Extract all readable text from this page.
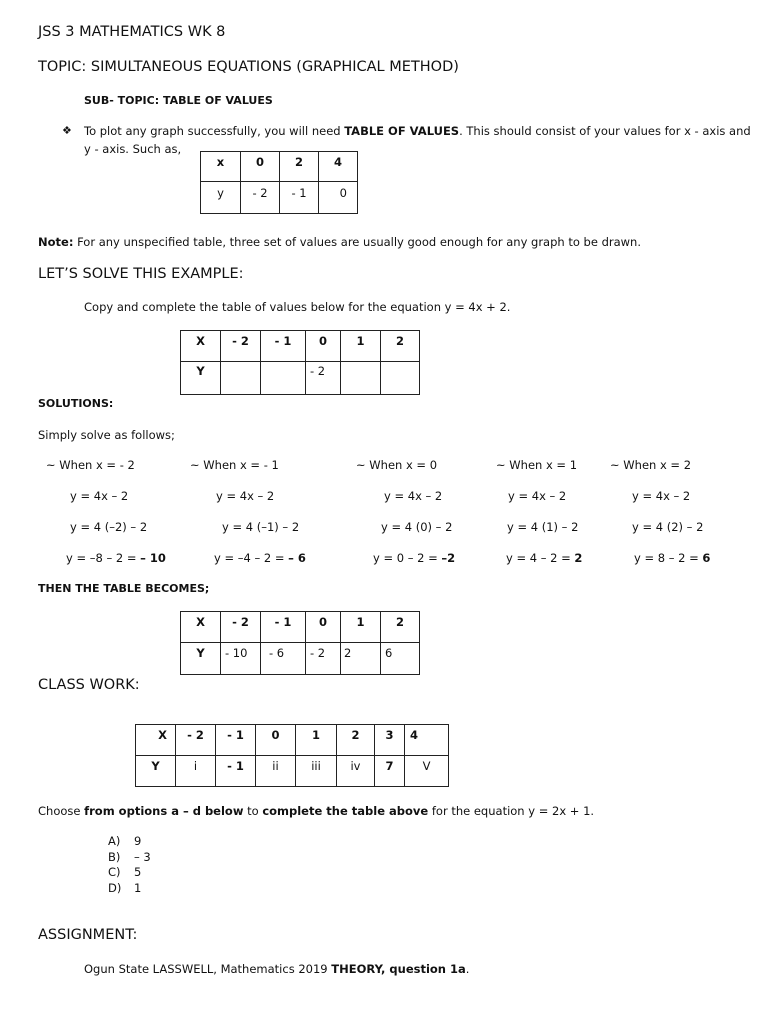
JSS 3 MATHEMATICS WK 8
TOPIC: SIMULTANEOUS EQUATIONS (GRAPHICAL METHOD)
SUB- TOPIC: TABLE OF VALUES
❖ To plot any graph successfully, you will need TABLE OF VALUES. This should consist of your values for x - axis and
y - axis. Such as,
x	0	2	4
y	- 2	- 1	0
Note: For any unspecified table, three set of values are usually good enough for any graph to be drawn.
LET’S SOLVE THIS EXAMPLE:
Copy and complete the table of values below for the equation y = 4x + 2.
X	- 2	- 1	0	1	2
Y			- 2		
SOLUTIONS:
Simply solve as follows;
~ When x = - 2	~ When x = - 1	~ When x = 0	~ When x = 1	~ When x = 2
y = 4x – 2	y = 4x – 2	y = 4x – 2	y = 4x – 2	y = 4x – 2
y = 4 (–2) – 2	y = 4 (–1) – 2	y = 4 (0) – 2	y = 4 (1) – 2	y = 4 (2) – 2
y = –8 – 2 = – 10	y = –4 – 2 = – 6	y = 0 – 2 = –2	y = 4 – 2 = 2	y = 8 – 2 = 6
THEN THE TABLE BECOMES;
X	- 2	- 1	0	1	2
Y	- 10	- 6	- 2	2	6
CLASS WORK:
X	- 2	- 1	0	1	2	3	4
Y	i	- 1	ii	iii	iv	7	V
Choose from options a – d below to complete the table above for the equation y = 2x + 1.
A) 9
B) – 3
C) 5
D) 1
ASSIGNMENT:
Ogun State LASSWELL, Mathematics 2019 THEORY, question 1a.
